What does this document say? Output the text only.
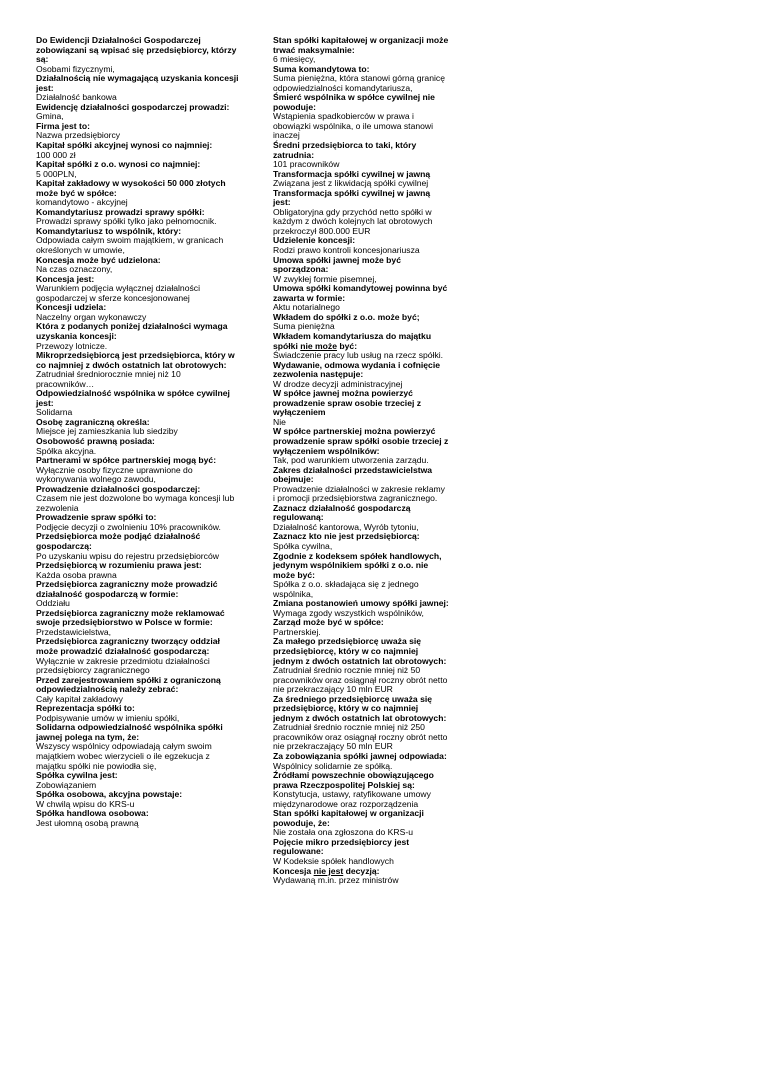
Do Ewidencji Działalności Gospodarczej zobowiązani są wpisać się przedsiębiorcy, którzy są:
Osobami fizycznymi,
Działalnością nie wymagającą uzyskania koncesji jest:
Działalność bankowa
Ewidencję działalności gospodarczej prowadzi:
Gmina,
Firma jest to:
Nazwa przedsiębiorcy
Kapitał spółki akcyjnej wynosi co najmniej:
100 000 zł
Kapitał spółki z o.o. wynosi co najmniej:
5 000PLN,
Kapitał zakładowy w wysokości 50 000 złotych może być w spółce:
komandytowo - akcyjnej
Komandytariusz prowadzi sprawy spółki:
Prowadzi sprawy spółki tylko jako pełnomocnik.
Komandytariusz to wspólnik, który:
Odpowiada całym swoim majątkiem, w granicach określonych w umowie,
Koncesja może być udzielona:
Na czas oznaczony,
Koncesja jest:
Warunkiem podjęcia wyłącznej działalności gospodarczej w sferze koncesjonowanej
Koncesji udziela:
Naczelny organ wykonawczy
Która z podanych poniżej działalności wymaga uzyskania koncesji:
Przewozy lotnicze.
Mikroprzedsiębiorcą jest przedsiębiorca, który w co najmniej z dwóch ostatnich lat obrotowych:
Zatrudniał średniorocznie mniej niż 10 pracowników…
Odpowiedzialność wspólnika w spółce cywilnej jest:
Solidarna
Osobę zagraniczną określa:
Miejsce jej zamieszkania lub siedziby
Osobowość prawną posiada:
Spółka akcyjna.
Partnerami w spółce partnerskiej mogą być:
Wyłącznie osoby fizyczne uprawnione do wykonywania wolnego zawodu,
Prowadzenie działalności gospodarczej:
Czasem nie jest dozwolone bo wymaga koncesji lub zezwolenia
Prowadzenie spraw spółki to:
Podjęcie decyzji o zwolnieniu 10% pracowników.
Przedsiębiorca może podjąć działalność gospodarczą:
Po uzyskaniu wpisu do rejestru przedsiębiorców
Przedsiębiorcą w rozumieniu prawa jest:
Każda osoba prawna
Przedsiębiorca zagraniczny może prowadzić działalność gospodarczą w formie:
Oddziału
Przedsiębiorca zagraniczny może reklamować swoje przedsiębiorstwo w Polsce w formie:
Przedstawicielstwa,
Przedsiębiorca zagraniczny tworzący oddział może prowadzić działalność gospodarczą:
Wyłącznie w zakresie przedmiotu działalności przedsiębiorcy zagranicznego
Przed zarejestrowaniem spółki z ograniczoną odpowiedzialnością należy zebrać:
Cały kapitał zakładowy
Reprezentacja spółki to:
Podpisywanie umów w imieniu spółki,
Solidarna odpowiedzialność wspólnika spółki jawnej polega na tym, że:
Wszyscy wspólnicy odpowiadają całym swoim majątkiem wobec wierzycieli o ile egzekucja z majątku spółki nie powiodła się,
Spółka cywilna jest:
Zobowiązaniem
Spółka osobowa, akcyjna powstaje:
W chwilą wpisu do KRS-u
Spółka handlowa osobowa:
Jest ułomną osobą prawną
Stan spółki kapitałowej w organizacji może trwać maksymalnie:
6 miesięcy,
Suma komandytowa to:
Suma pieniężna, która stanowi górną granicę odpowiedzialności komandytariusza,
Śmierć wspólnika w spółce cywilnej nie powoduje:
Wstąpienia spadkobierców w prawa i obowiązki wspólnika, o ile umowa stanowi inaczej
Średni przedsiębiorca to taki, który zatrudnia:
101 pracowników
Transformacja spółki cywilnej w jawną
Związana jest z likwidacją spółki cywilnej
Transformacja spółki cywilnej w jawną jest:
Obligatoryjna gdy przychód netto spółki w każdym z dwóch kolejnych lat obrotowych przekroczył 800.000 EUR
Udzielenie koncesji:
Rodzi prawo kontroli koncesjonariusza
Umowa spółki jawnej może być sporządzona:
W zwykłej formie pisemnej,
Umowa spółki komandytowej powinna być zawarta w formie:
Aktu notarialnego
Wkładem do spółki z o.o. może być;
Suma pieniężna
Wkładem komandytariusza do majątku spółki nie może być:
Świadczenie pracy lub usług na rzecz spółki.
Wydawanie, odmowa wydania i cofnięcie zezwolenia następuje:
W drodze decyzji administracyjnej
W spółce jawnej można powierzyć prowadzenie spraw osobie trzeciej z wyłączeniem
Nie
W spółce partnerskiej można powierzyć prowadzenie spraw spółki osobie trzeciej z wyłączeniem wspólników:
Tak, pod warunkiem utworzenia zarządu.
Zakres działalności przedstawicielstwa obejmuje:
Prowadzenie działalności w zakresie reklamy i promocji przedsiębiorstwa zagranicznego.
Zaznacz działalność gospodarczą regulowaną:
Działalność kantorowa, Wyrób tytoniu,
Zaznacz kto nie jest przedsiębiorcą:
Spółka cywilna,
Zgodnie z kodeksem spółek handlowych, jedynym wspólnikiem spółki z o.o. nie może być:
Spółka z o.o. składająca się z jednego wspólnika,
Zmiana postanowień umowy spółki jawnej:
Wymaga zgody wszystkich wspólników,
Zarząd może być w spółce:
Partnerskiej.
Za małego przedsiębiorcę uważa się przedsiębiorcę, który w co najmniej jednym z dwóch ostatnich lat obrotowych:
Zatrudniał średnio rocznie mniej niż 50 pracowników oraz osiągnął roczny obrót netto nie przekraczający 10 mln EUR
Za średniego przedsiębiorcę uważa się przedsiębiorcę, który w co najmniej jednym z dwóch ostatnich lat obrotowych:
Zatrudniał średnio rocznie mniej niż 250 pracowników oraz osiągnął roczny obrót netto nie przekraczający 50 mln EUR
Za zobowiązania spółki jawnej odpowiada:
Wspólnicy solidarnie ze spółką.
Źródłami powszechnie obowiązującego prawa Rzeczpospolitej Polskiej są:
Konstytucja, ustawy, ratyfikowane umowy międzynarodowe oraz rozporządzenia
Stan spółki kapitałowej w organizacji powoduje, że:
Nie została ona zgłoszona do KRS-u
Pojęcie mikro przedsiębiorcy jest regulowane:
W Kodeksie spółek handlowych
Koncesja nie jest decyzją:
Wydawaną m.in. przez ministrów
